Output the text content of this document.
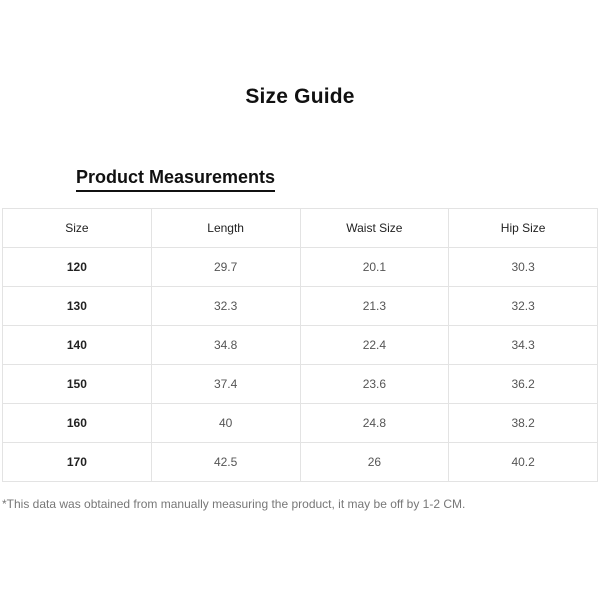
Size Guide
Product Measurements
Size	Length	Waist Size	Hip Size
120	29.7	20.1	30.3
130	32.3	21.3	32.3
140	34.8	22.4	34.3
150	37.4	23.6	36.2
160	40	24.8	38.2
170	42.5	26	40.2
*This data was obtained from manually measuring the product, it may be off by 1-2 CM.
